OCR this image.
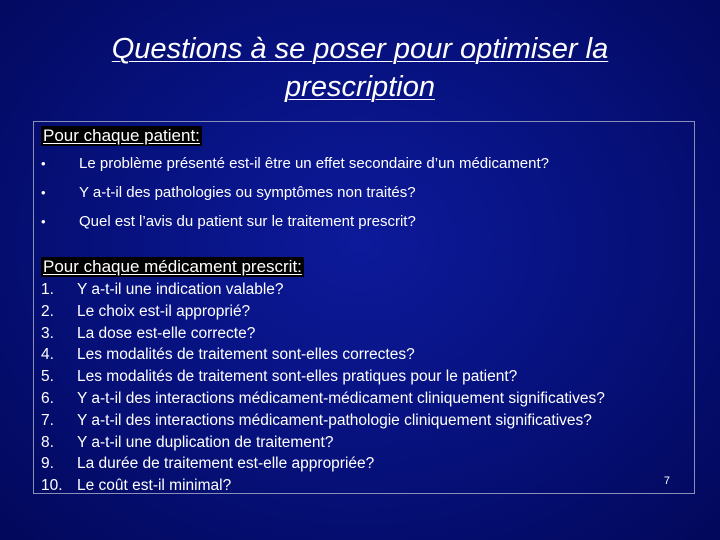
Questions à se poser pour optimiser la prescription
Pour chaque patient:
•	Le problème présenté est-il être un effet secondaire d’un médicament?
•	Y a-t-il des pathologies ou symptômes non traités?
•	Quel est l’avis du patient sur le traitement prescrit?
Pour chaque médicament prescrit:
1.	Y a-t-il une indication valable?
2.	Le choix est-il approprié?
3.	La dose est-elle correcte?
4.	Les modalités de traitement sont-elles correctes?
5.	Les modalités de traitement sont-elles pratiques pour le patient?
6.	Y a-t-il des interactions médicament-médicament cliniquement significatives?
7.	Y a-t-il des interactions médicament-pathologie cliniquement significatives?
8.	Y a-t-il une duplication de traitement?
9.	La durée de traitement est-elle appropriée?
10. Le coût est-il minimal?	7
